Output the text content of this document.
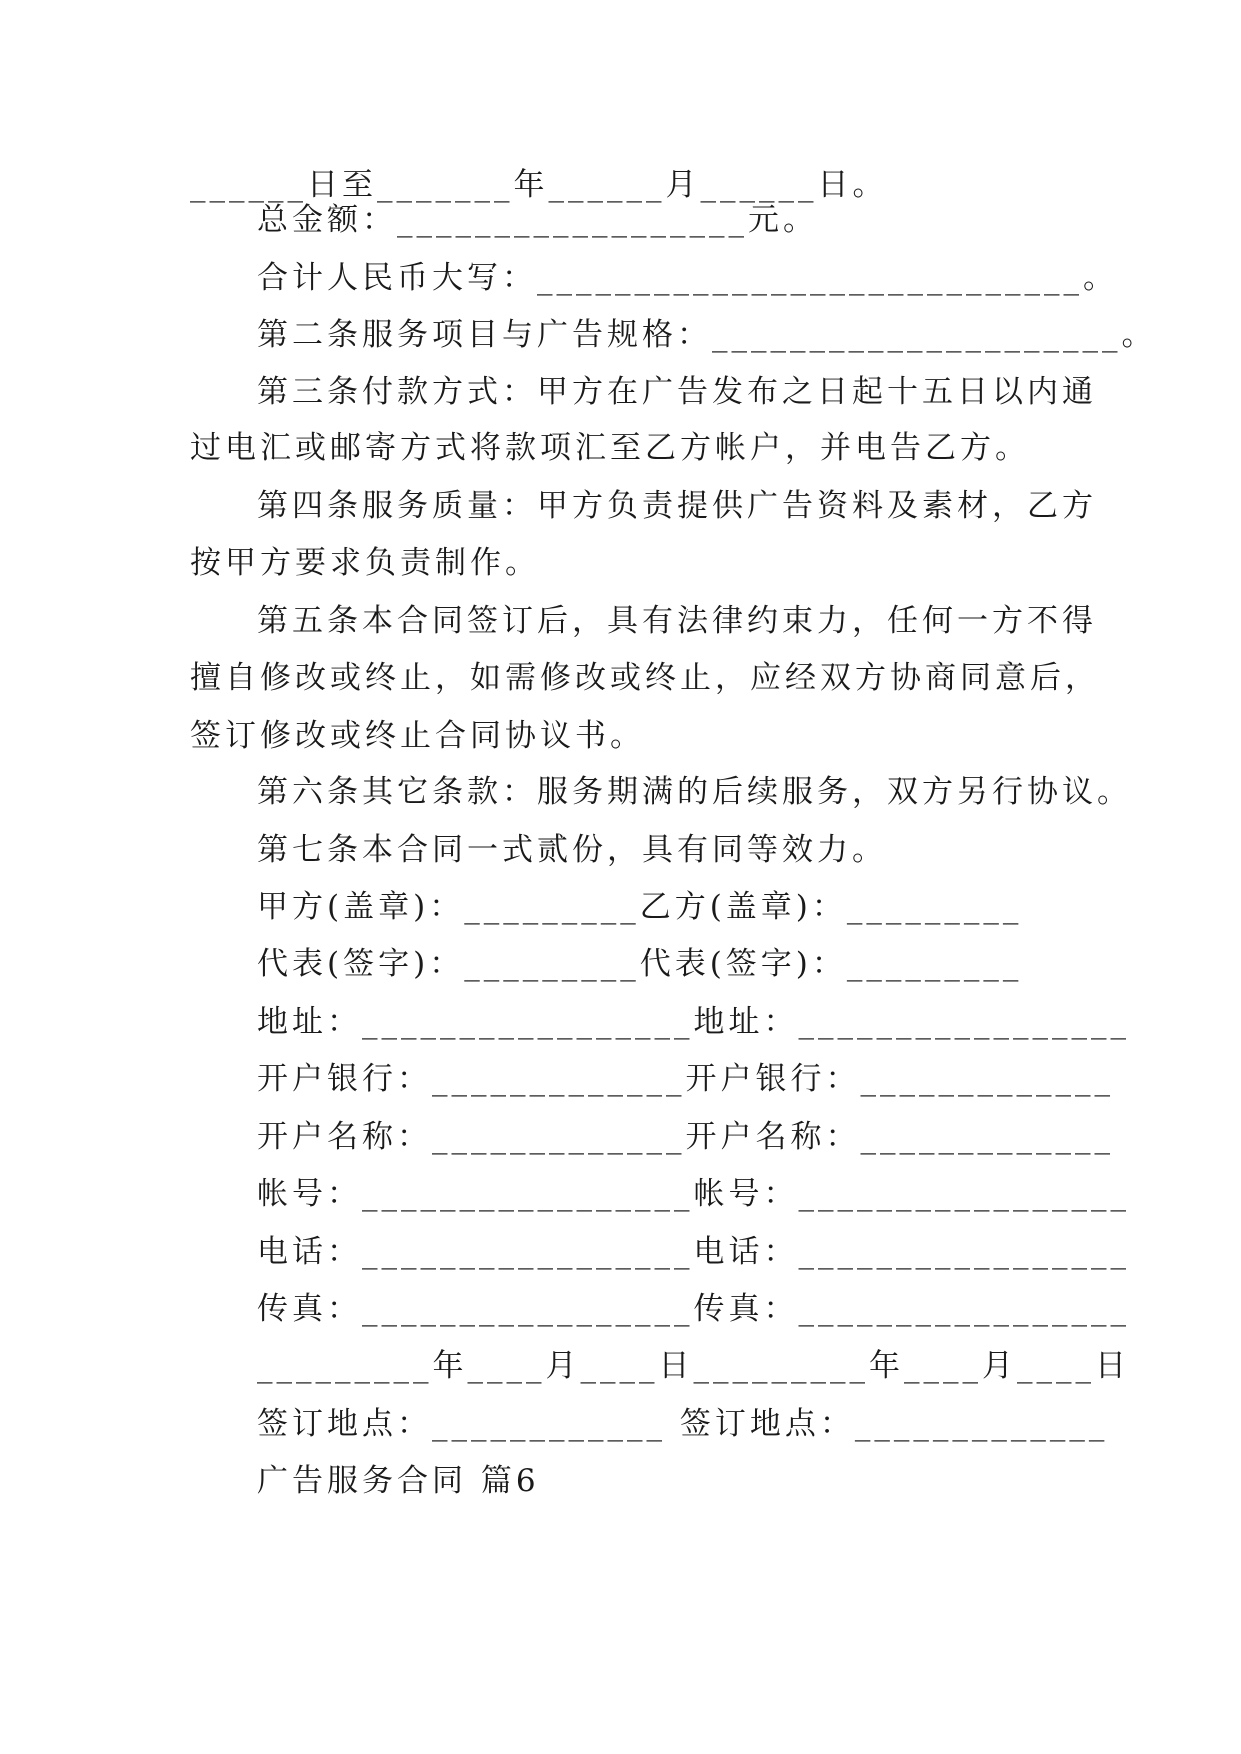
______日至_______年______月______日。
总金额：__________________元。
合计人民币大写：____________________________。
第二条服务项目与广告规格：_____________________。
第三条付款方式：甲方在广告发布之日起十五日以内通
过电汇或邮寄方式将款项汇至乙方帐户，并电告乙方。
第四条服务质量：甲方负责提供广告资料及素材，乙方
按甲方要求负责制作。
第五条本合同签订后，具有法律约束力，任何一方不得
擅自修改或终止，如需修改或终止，应经双方协商同意后，
签订修改或终止合同协议书。
第六条其它条款：服务期满的后续服务，双方另行协议。
第七条本合同一式贰份，具有同等效力。
甲方(盖章)：_________乙方(盖章)：_________
代表(签字)：_________代表(签字)：_________
地址：_________________地址：_________________
开户银行：_____________开户银行：_____________
开户名称：_____________开户名称：_____________
帐号：_________________帐号：_________________
电话：_________________电话：_________________
传真：_________________传真：_________________
_________年____月____日_________年____月____日
签订地点：____________ 签订地点：_____________
广告服务合同 篇6
